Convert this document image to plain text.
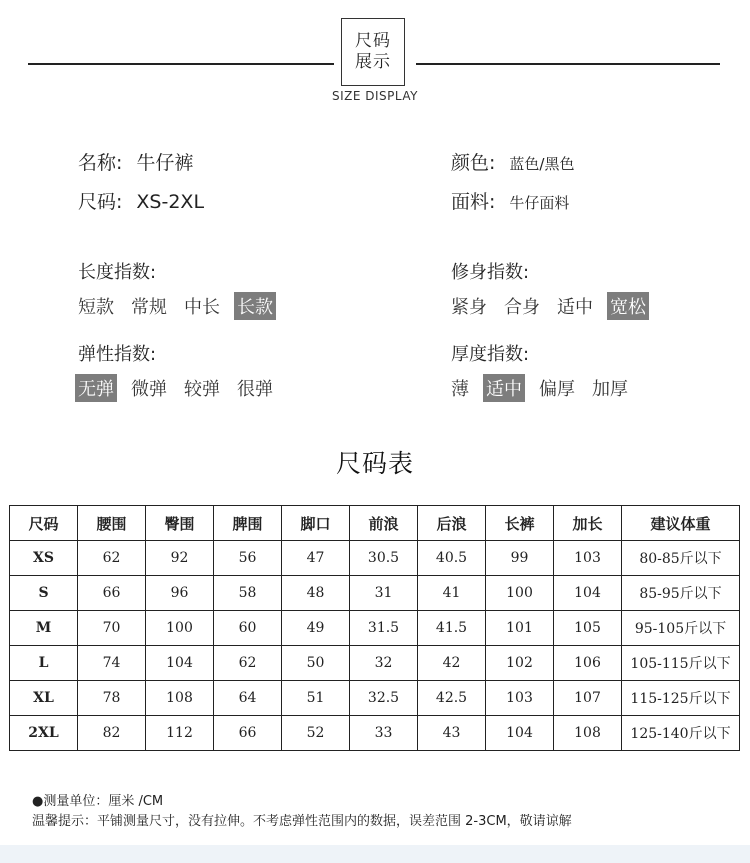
尺码
展示
SIZE DISPLAY
名称: 牛仔裤
尺码: XS-2XL
颜色: 蓝色/黑色
面料: 牛仔面料
长度指数:
短款 常规 中长 长款
修身指数:
紧身 合身 适中 宽松
弹性指数:
无弹 微弹 较弹 很弹
厚度指数:
薄 适中 偏厚 加厚
尺码表
尺码	腰围	臀围	脾围	脚口	前浪	后浪	长裤	加长	建议体重
XS	62	92	56	47	30.5	40.5	99	103	80-85斤以下
S	66	96	58	48	31	41	100	104	85-95斤以下
M	70	100	60	49	31.5	41.5	101	105	95-105斤以下
L	74	104	62	50	32	42	102	106	105-115斤以下
XL	78	108	64	51	32.5	42.5	103	107	115-125斤以下
2XL	82	112	66	52	33	43	104	108	125-140斤以下
●测量单位：厘米 /CM
温馨提示：平铺测量尺寸，没有拉伸。不考虑弹性范围内的数据，误差范围 2-3CM，敬请谅解
